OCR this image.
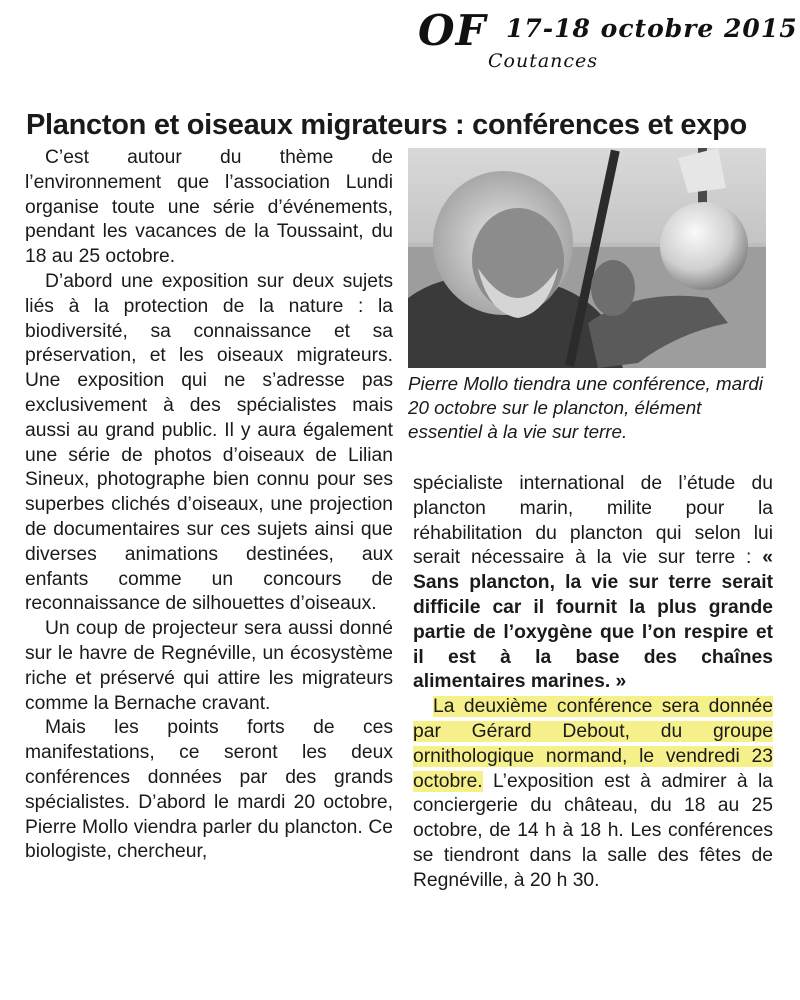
OF 17-18 octobre 2015
Coutances
Plancton et oiseaux migrateurs : conférences et expo

C’est autour du thème de l’environnement que l’association Lundi organise toute une série d’événements, pendant les vacances de la Toussaint, du 18 au 25 octobre.

D’abord une exposition sur deux sujets liés à la protection de la nature : la biodiversité, sa connaissance et sa préservation, et les oiseaux migrateurs. Une exposition qui ne s’adresse pas exclusivement à des spécialistes mais aussi au grand public. Il y aura également une série de photos d’oiseaux de Lilian Sineux, photographe bien connu pour ses superbes clichés d’oiseaux, une projection de documentaires sur ces sujets ainsi que diverses animations destinées, aux enfants comme un concours de reconnaissance de silhouettes d’oiseaux.

Un coup de projecteur sera aussi donné sur le havre de Regnéville, un écosystème riche et préservé qui attire les migrateurs comme la Bernache cravant.

Mais les points forts de ces manifestations, ce seront les deux conférences données par des grands spécialistes. D’abord le mardi 20 octobre, Pierre Mollo viendra parler du plancton. Ce biologiste, chercheur,

Pierre Mollo tiendra une conférence, mardi 20 octobre sur le plancton, élément essentiel à la vie sur terre.

spécialiste international de l’étude du plancton marin, milite pour la réhabilitation du plancton qui selon lui serait nécessaire à la vie sur terre : « Sans plancton, la vie sur terre serait difficile car il fournit la plus grande partie de l’oxygène que l’on respire et il est à la base des chaînes alimentaires marines. »

La deuxième conférence sera donnée par Gérard Debout, du groupe ornithologique normand, le vendredi 23 octobre. L’exposition est à admirer à la conciergerie du château, du 18 au 25 octobre, de 14 h à 18 h. Les conférences se tiendront dans la salle des fêtes de Regnéville, à 20 h 30.
